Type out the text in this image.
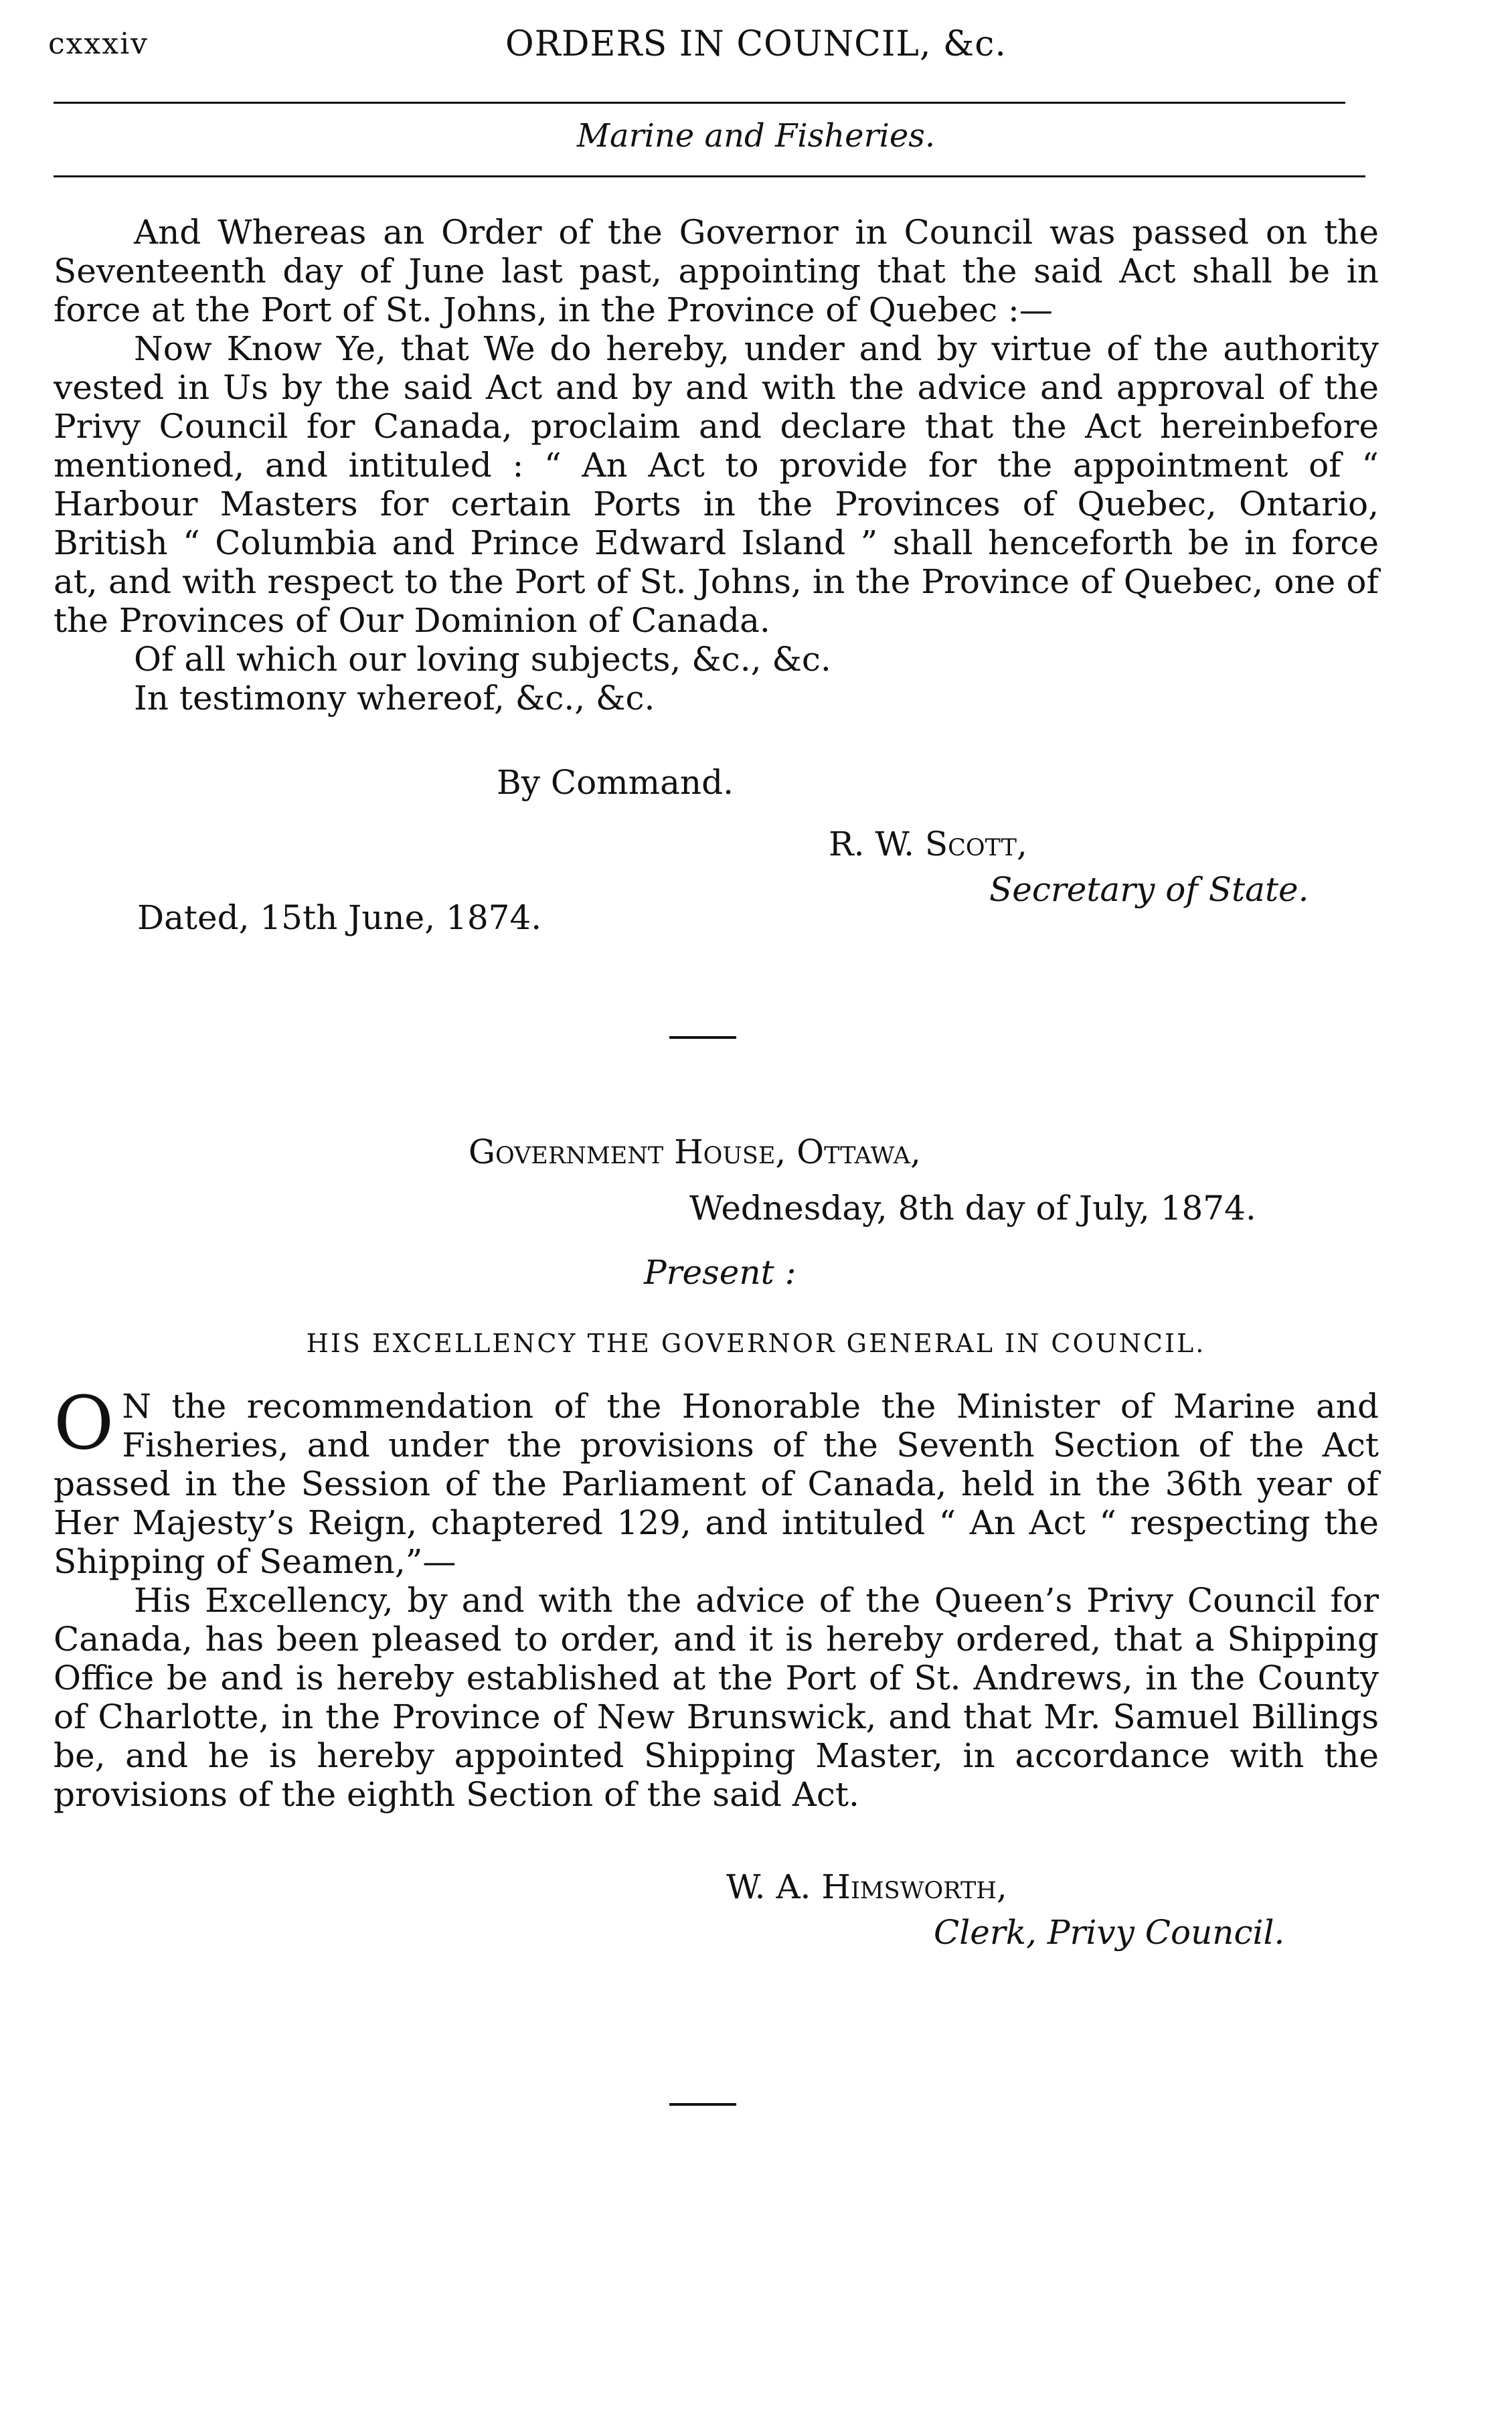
cxxxiv	ORDERS IN COUNCIL, &c.
Marine and Fisheries.

And Whereas an Order of the Governor in Council was passed on the Seventeenth day of June last past, appointing that the said Act shall be in force at the Port of St. Johns, in the Province of Quebec :—

Now Know Ye, that We do hereby, under and by virtue of the authority vested in Us by the said Act and by and with the advice and approval of the Privy Council for Canada, proclaim and declare that the Act hereinbefore mentioned, and intituled : “ An Act to provide for the appointment of “ Harbour Masters for certain Ports in the Provinces of Quebec, Ontario, British “ Columbia and Prince Edward Island ” shall henceforth be in force at, and with respect to the Port of St. Johns, in the Province of Quebec, one of the Provinces of Our Dominion of Canada.

Of all which our loving subjects, &c., &c.

In testimony whereof, &c., &c.

By Command.
R. W. Scott,
Secretary of State.
Dated, 15th June, 1874.
Government House, Ottawa,
Wednesday, 8th day of July, 1874.
Present :
HIS EXCELLENCY THE GOVERNOR GENERAL IN COUNCIL.

O N the recommendation of the Honorable the Minister of Marine and Fisheries, and under the provisions of the Seventh Section of the Act passed in the Session of the Parliament of Canada, held in the 36th year of Her Majesty’s Reign, chaptered 129, and intituled “ An Act “ respecting the Shipping of Seamen,”—

His Excellency, by and with the advice of the Queen’s Privy Council for Canada, has been pleased to order, and it is hereby ordered, that a Shipping Office be and is hereby established at the Port of St. Andrews, in the County of Charlotte, in the Province of New Brunswick, and that Mr. Samuel Billings be, and he is hereby appointed Shipping Master, in accordance with the provisions of the eighth Section of the said Act.

W. A. Himsworth,
Clerk, Privy Council.
